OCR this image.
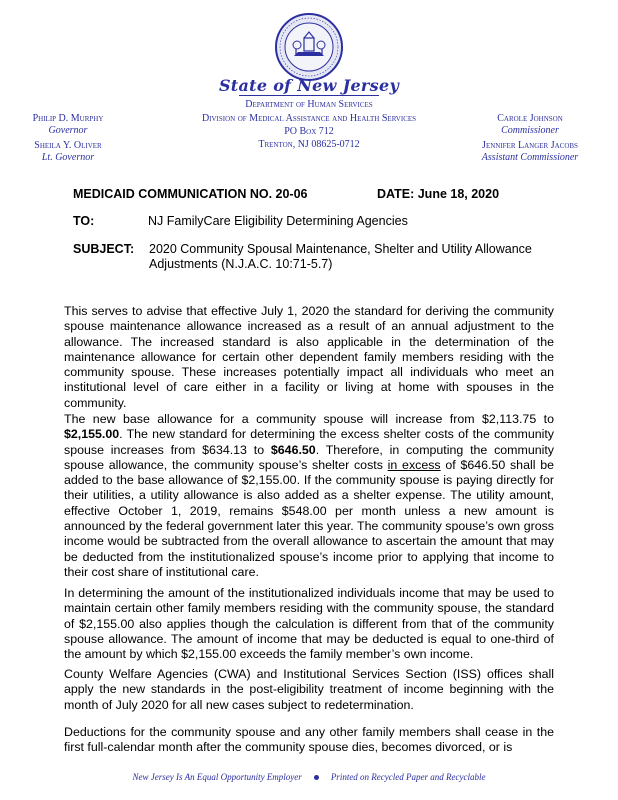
State of New Jersey
Department of Human Services
Division of Medical Assistance and Health Services
PO Box 712
Trenton, NJ 08625-0712
Philip D. Murphy
Governor
Sheila Y. Oliver
Lt. Governor
Carole Johnson
Commissioner
Jennifer Langer Jacobs
Assistant Commissioner
MEDICAID COMMUNICATION NO. 20-06	DATE: June 18, 2020
TO:	NJ FamilyCare Eligibility Determining Agencies
SUBJECT: 2020 Community Spousal Maintenance, Shelter and Utility Allowance
Adjustments (N.J.A.C. 10:71-5.7)

This serves to advise that effective July 1, 2020 the standard for deriving the community spouse maintenance allowance increased as a result of an annual adjustment to the allowance. The increased standard is also applicable in the determination of the maintenance allowance for certain other dependent family members residing with the community spouse. These increases potentially impact all individuals who meet an institutional level of care either in a facility or living at home with spouses in the community.

The new base allowance for a community spouse will increase from $2,113.75 to $2,155.00. The new standard for determining the excess shelter costs of the community spouse increases from $634.13 to $646.50. Therefore, in computing the community spouse allowance, the community spouse’s shelter costs in excess of $646.50 shall be added to the base allowance of $2,155.00. If the community spouse is paying directly for their utilities, a utility allowance is also added as a shelter expense. The utility amount, effective October 1, 2019, remains $548.00 per month unless a new amount is announced by the federal government later this year. The community spouse’s own gross income would be subtracted from the overall allowance to ascertain the amount that may be deducted from the institutionalized spouse’s income prior to applying that income to their cost share of institutional care.

In determining the amount of the institutionalized individuals income that may be used to maintain certain other family members residing with the community spouse, the standard of $2,155.00 also applies though the calculation is different from that of the community spouse allowance. The amount of income that may be deducted is equal to one-third of the amount by which $2,155.00 exceeds the family member’s own income.

County Welfare Agencies (CWA) and Institutional Services Section (ISS) offices shall apply the new standards in the post-eligibility treatment of income beginning with the month of July 2020 for all new cases subject to redetermination.

Deductions for the community spouse and any other family members shall cease in the first full-calendar month after the community spouse dies, becomes divorced, or is

New Jersey Is An Equal Opportunity Employer	Printed on Recycled Paper and Recyclable
